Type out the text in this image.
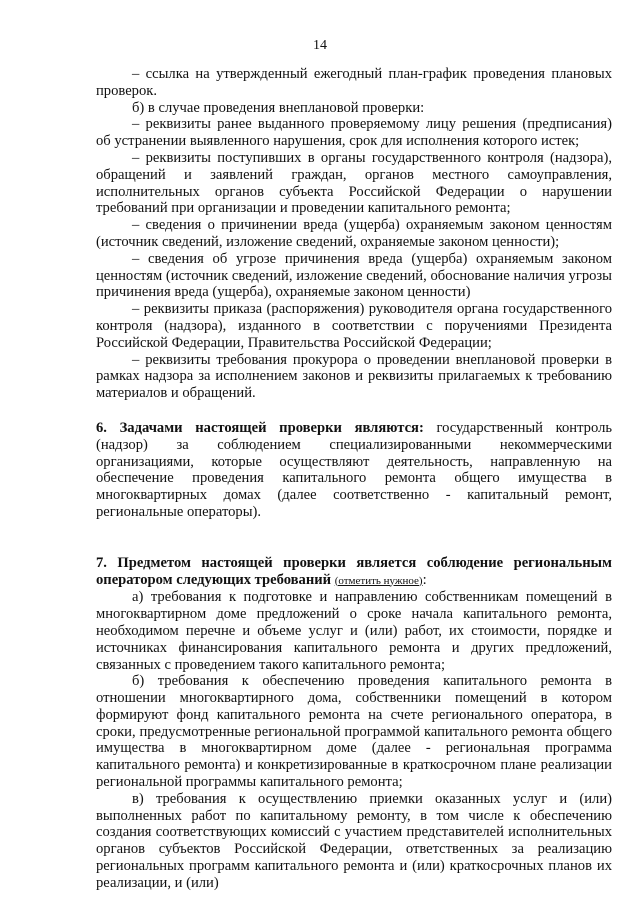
14

– ссылка на утвержденный ежегодный план-график проведения плановых проверок.

б) в случае проведения внеплановой проверки:

– реквизиты ранее выданного проверяемому лицу решения (предписания) об устранении выявленного нарушения, срок для исполнения которого истек;

– реквизиты поступивших в органы государственного контроля (надзора), обращений и заявлений граждан, органов местного самоуправления, исполнительных органов субъекта Российской Федерации о нарушении требований при организации и проведении капитального ремонта;

– сведения о причинении вреда (ущерба) охраняемым законом ценностям (источник сведений, изложение сведений, охраняемые законом ценности);

– сведения об угрозе причинения вреда (ущерба) охраняемым законом ценностям (источник сведений, изложение сведений, обоснование наличия угрозы причинения вреда (ущерба), охраняемые законом ценности)

– реквизиты приказа (распоряжения) руководителя органа государственного контроля (надзора), изданного в соответствии с поручениями Президента Российской Федерации, Правительства Российской Федерации;

– реквизиты требования прокурора о проведении внеплановой проверки в рамках надзора за исполнением законов и реквизиты прилагаемых к требованию материалов и обращений.

6. Задачами настоящей проверки являются: государственный контроль (надзор) за соблюдением специализированными некоммерческими организациями, которые осуществляют деятельность, направленную на обеспечение проведения капитального ремонта общего имущества в многоквартирных домах (далее соответственно - капитальный ремонт, региональные операторы).

7. Предметом настоящей проверки является соблюдение региональным оператором следующих требований (отметить нужное):

а) требования к подготовке и направлению собственникам помещений в многоквартирном доме предложений о сроке начала капитального ремонта, необходимом перечне и объеме услуг и (или) работ, их стоимости, порядке и источниках финансирования капитального ремонта и других предложений, связанных с проведением такого капитального ремонта;

б) требования к обеспечению проведения капитального ремонта в отношении многоквартирного дома, собственники помещений в котором формируют фонд капитального ремонта на счете регионального оператора, в сроки, предусмотренные региональной программой капитального ремонта общего имущества в многоквартирном доме (далее - региональная программа капитального ремонта) и конкретизированные в краткосрочном плане реализации региональной программы капитального ремонта;

в) требования к осуществлению приемки оказанных услуг и (или) выполненных работ по капитальному ремонту, в том числе к обеспечению создания соответствующих комиссий с участием представителей исполнительных органов субъектов Российской Федерации, ответственных за реализацию региональных программ капитального ремонта и (или) краткосрочных планов их реализации, и (или)
